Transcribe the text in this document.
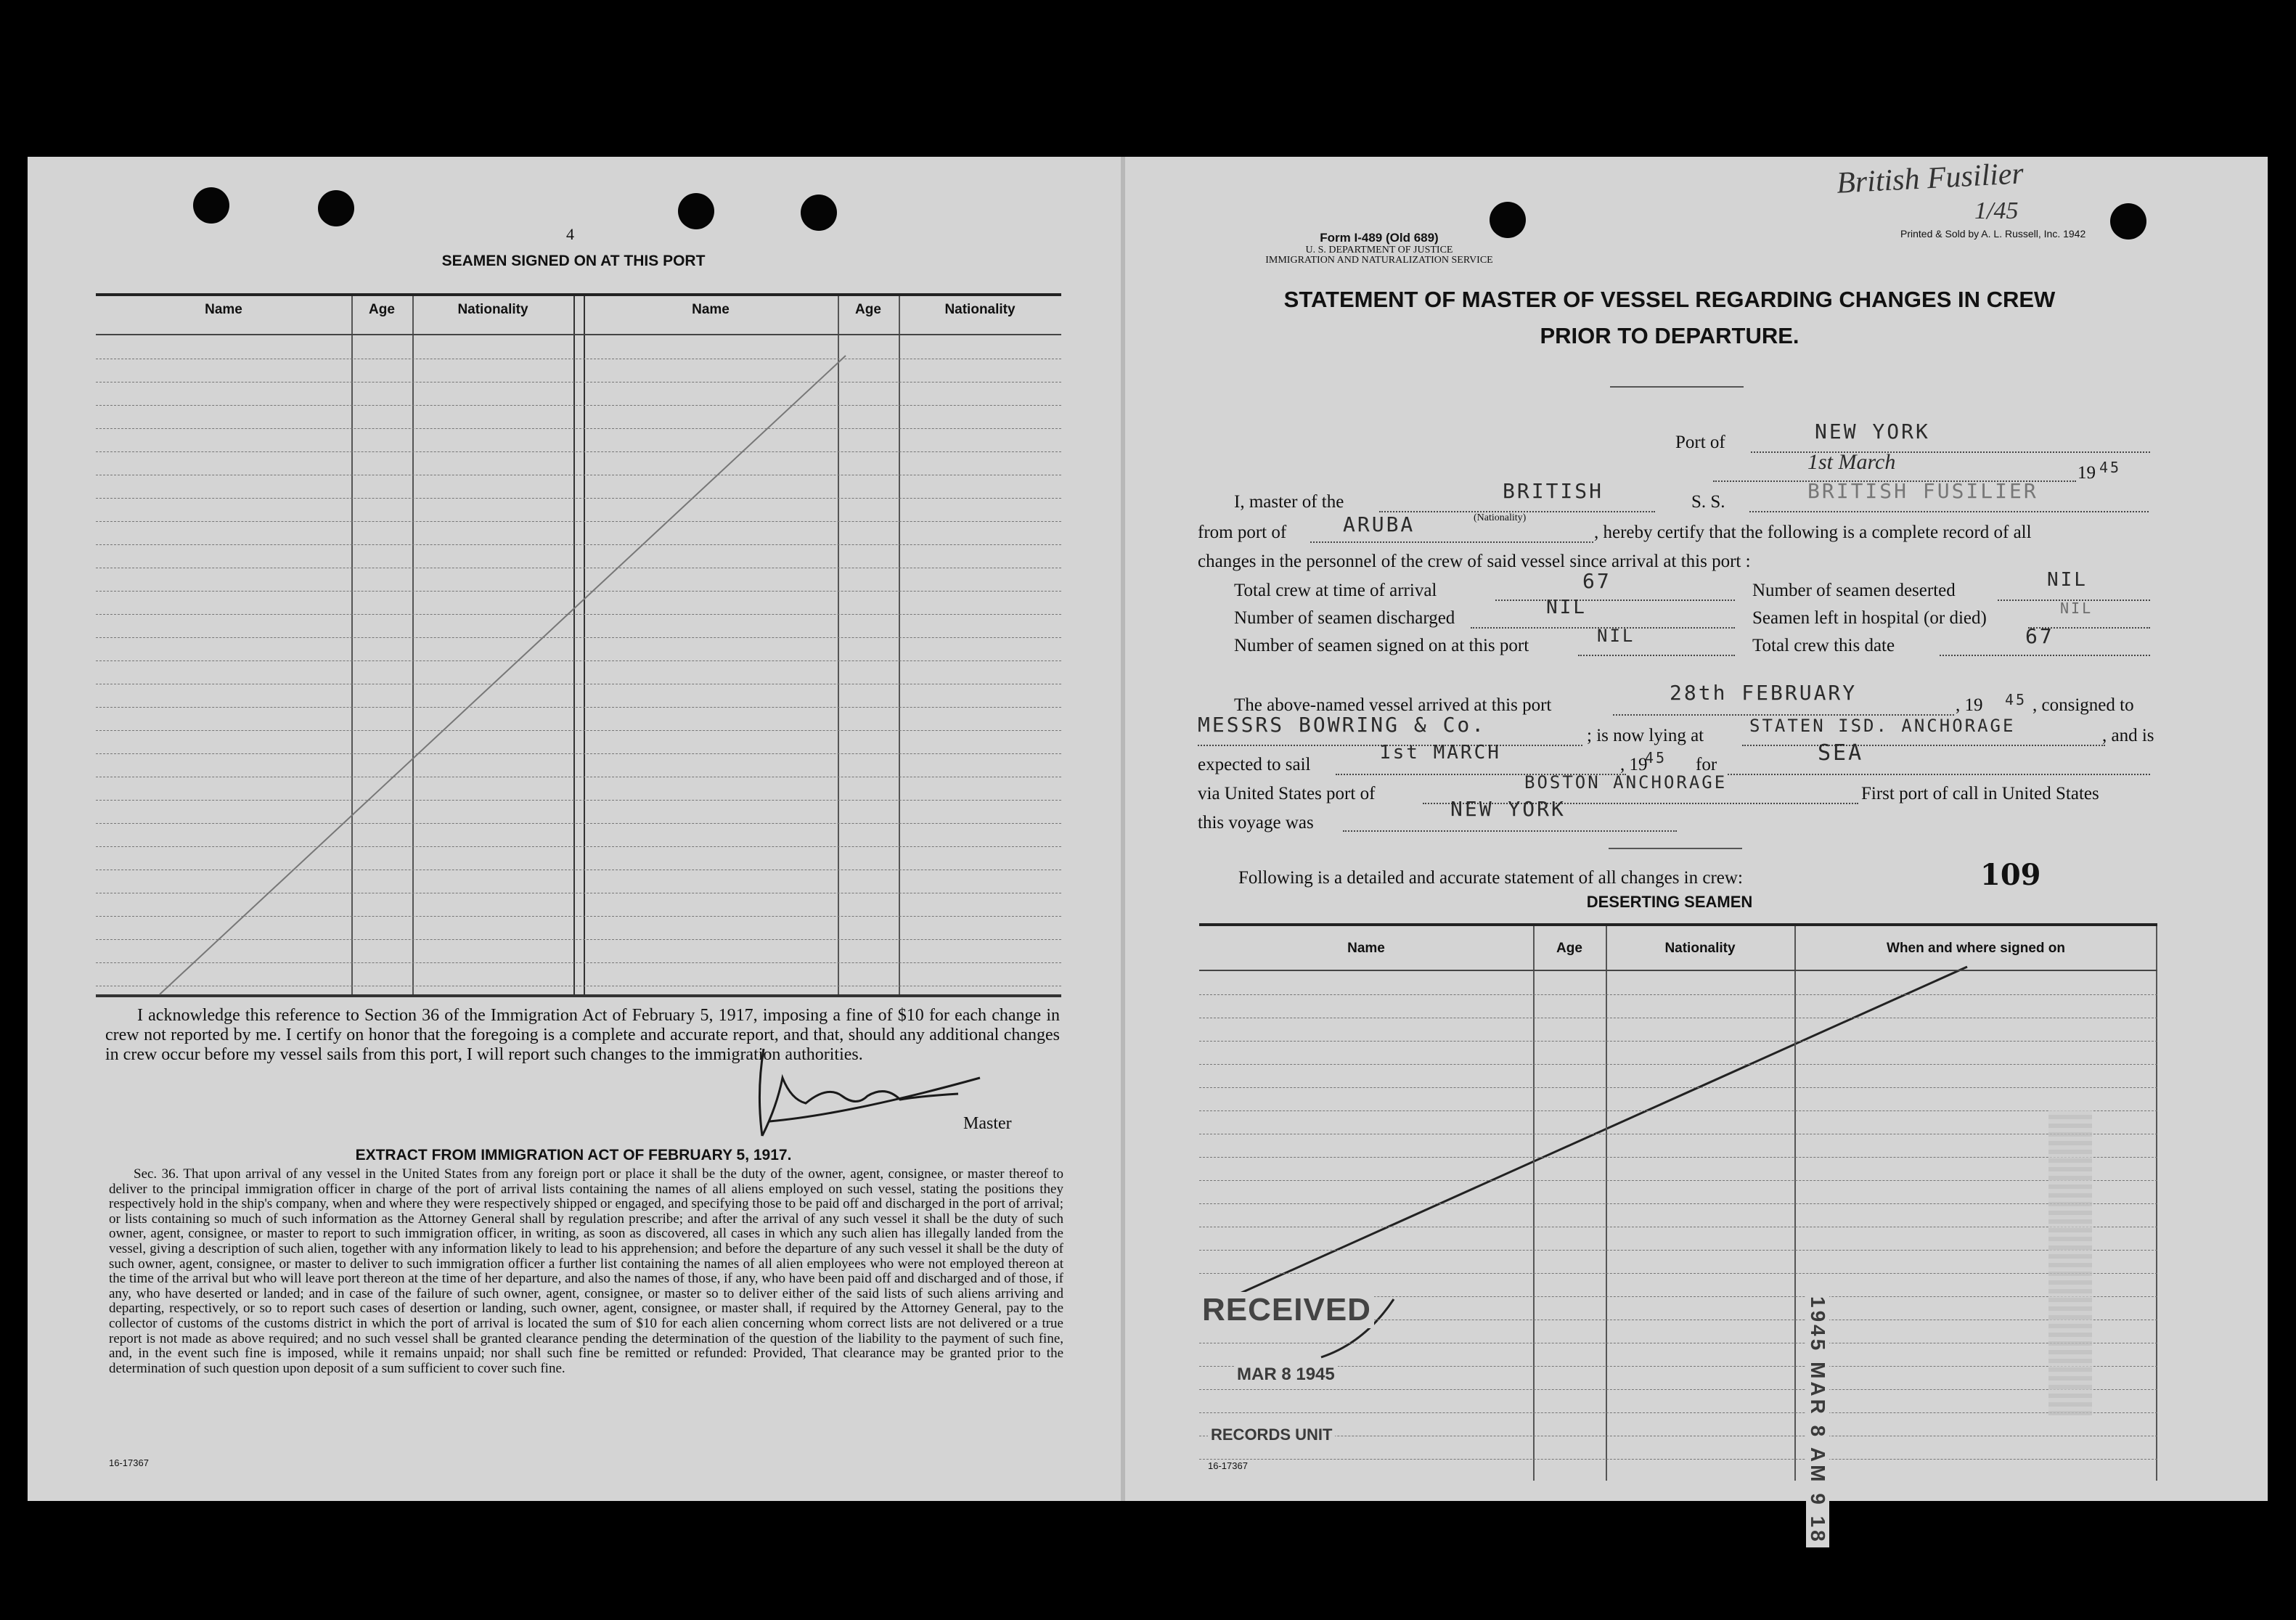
4
SEAMEN SIGNED ON AT THIS PORT
Name	Age	Nationality	Name	Age	Nationality
I acknowledge this reference to Section 36 of the Immigration Act of February 5, 1917, imposing a fine of $10 for each change in crew not reported by me. I certify on honor that the foregoing is a complete and accurate report, and that, should any additional changes in crew occur before my vessel sails from this port, I will report such changes to the immigration authorities.
Master
EXTRACT FROM IMMIGRATION ACT OF FEBRUARY 5, 1917.
Sec. 36. That upon arrival of any vessel in the United States from any foreign port or place it shall be the duty of the owner, agent, consignee, or master thereof to deliver to the principal immigration officer in charge of the port of arrival lists containing the names of all aliens employed on such vessel, stating the positions they respectively hold in the ship's company, when and where they were respectively shipped or engaged, and specifying those to be paid off and discharged in the port of arrival; or lists containing so much of such information as the Attorney General shall by regulation prescribe; and after the arrival of any such vessel it shall be the duty of such owner, agent, consignee, or master to report to such immigration officer, in writing, as soon as discovered, all cases in which any such alien has illegally landed from the vessel, giving a description of such alien, together with any information likely to lead to his apprehension; and before the departure of any such vessel it shall be the duty of such owner, agent, consignee, or master to deliver to such immigration officer a further list containing the names of all alien employees who were not employed thereon at the time of the arrival but who will leave port thereon at the time of her departure, and also the names of those, if any, who have been paid off and discharged and of those, if any, who have deserted or landed; and in case of the failure of such owner, agent, consignee, or master so to deliver either of the said lists of such aliens arriving and departing, respectively, or so to report such cases of desertion or landing, such owner, agent, consignee, or master shall, if required by the Attorney General, pay to the collector of customs of the customs district in which the port of arrival is located the sum of $10 for each alien concerning whom correct lists are not delivered or a true report is not made as above required; and no such vessel shall be granted clearance pending the determination of the question of the liability to the payment of such fine, and, in the event such fine is imposed, while it remains unpaid; nor shall such fine be remitted or refunded: Provided, That clearance may be granted prior to the determination of such question upon deposit of a sum sufficient to cover such fine.
16-17367
Form I-489 (Old 689)
U. S. DEPARTMENT OF JUSTICE
IMMIGRATION AND NATURALIZATION SERVICE
Printed & Sold by A. L. Russell, Inc. 1942
British Fusilier
1/45
STATEMENT OF MASTER OF VESSEL REGARDING CHANGES IN CREW
PRIOR TO DEPARTURE.
Port of	NEW YORK
1st March	19 45
I, master of the	BRITISH	S. S.	BRITISH FUSILIER
from port of	ARUBA	(Nationality)
, hereby certify that the following is a complete record of all
changes in the personnel of the crew of said vessel since arrival at this port :
Total crew at time of arrival	67	Number of seamen deserted	NIL
Number of seamen discharged	NIL	Seamen left in hospital (or died)	NIL
Number of seamen signed on at this port	NIL	Total crew this date	67
The above-named vessel arrived at this port
28th FEBRUARY
, 19 45 , consigned to
MESSRS BOWRING & Co.	; is now lying at	STATEN ISD. ANCHORAGE	, and is
expected to sail
1st MARCH
, 19
45 for	SEA
via United States port of
BOSTON ANCHORAGE
First port of call in United States
this voyage was
NEW YORK
Following is a detailed and accurate statement of all changes in crew:	109
DESERTING SEAMEN
Name	Age	Nationality	When and where signed on
RECEIVED
MAR 8 1945
RECORDS UNIT	1945 MAR 8 AM 9 18
16-17367
